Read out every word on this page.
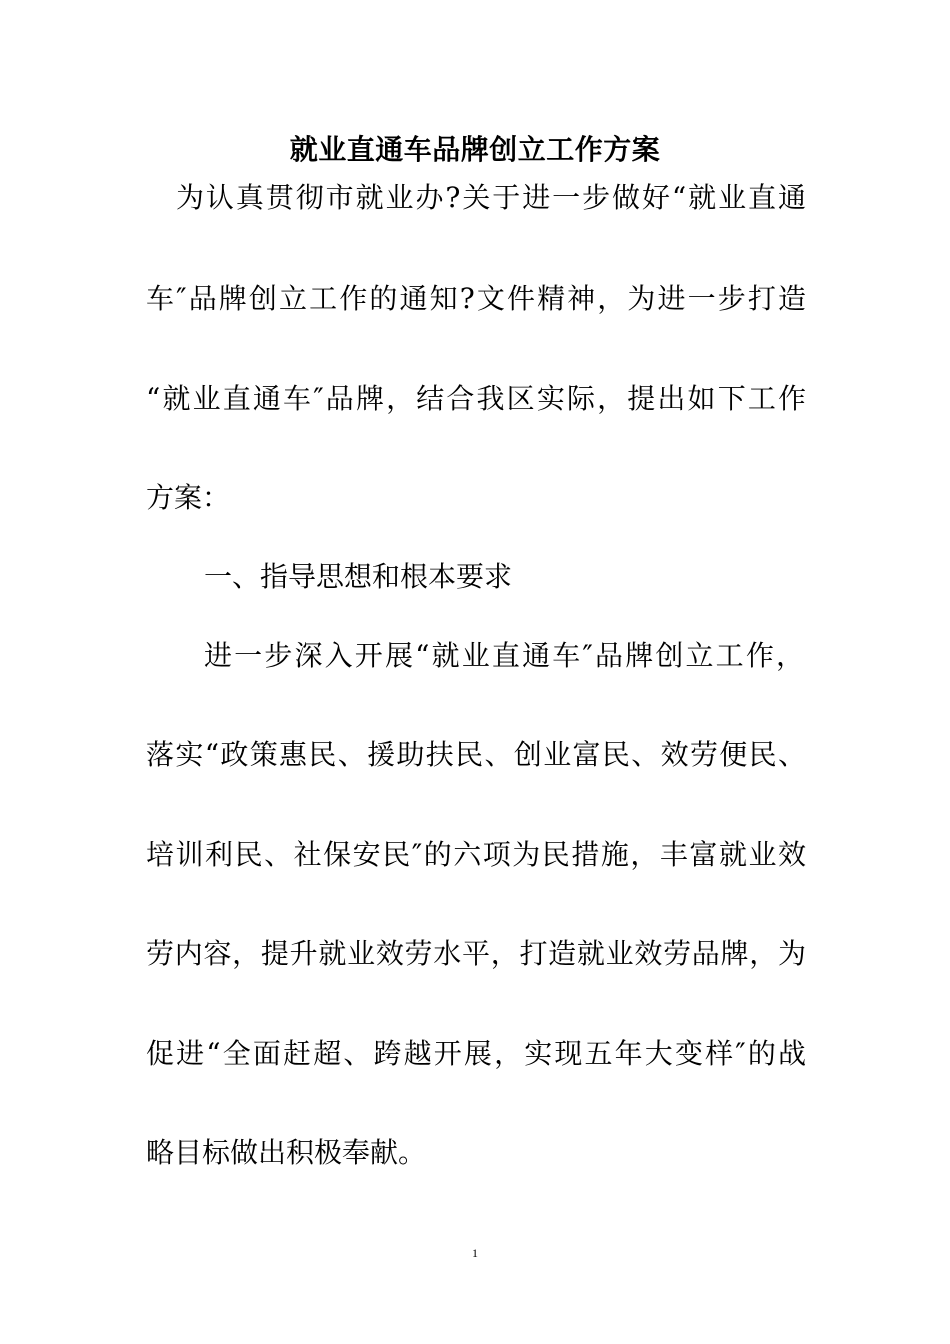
就业直通车品牌创立工作方案
为认真贯彻市就业办?关于进一步做好“就业直通
车″品牌创立工作的通知?文件精神，为进一步打造
“就业直通车″品牌，结合我区实际，提出如下工作
方案：
一、指导思想和根本要求
进一步深入开展“就业直通车″品牌创立工作，
落实“政策惠民、援助扶民、创业富民、效劳便民、
培训利民、社保安民″的六项为民措施，丰富就业效
劳内容，提升就业效劳水平，打造就业效劳品牌，为
促进“全面赶超、跨越开展，实现五年大变样″的战
略目标做出积极奉献。
1
